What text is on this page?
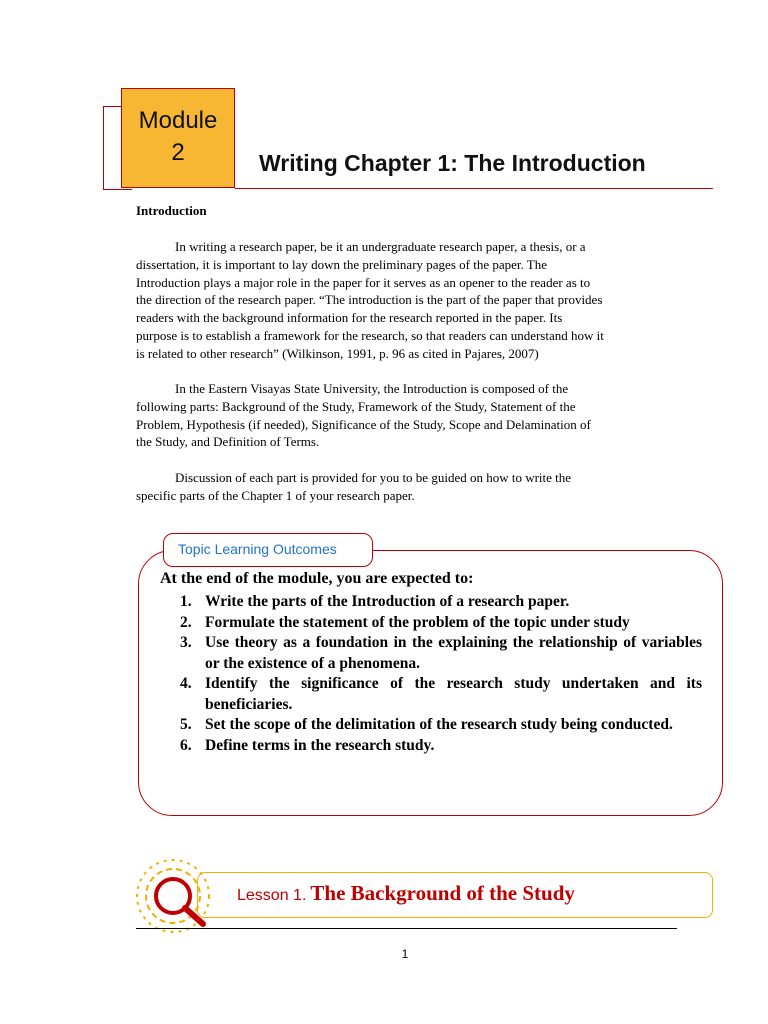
Module
2	Writing Chapter 1: The Introduction
Introduction
In writing a research paper, be it an undergraduate research paper, a thesis, or a
dissertation, it is important to lay down the preliminary pages of the paper. The
Introduction plays a major role in the paper for it serves as an opener to the reader as to
the direction of the research paper. “The introduction is the part of the paper that provides
readers with the background information for the research reported in the paper. Its
purpose is to establish a framework for the research, so that readers can understand how it
is related to other research” (Wilkinson, 1991, p. 96 as cited in Pajares, 2007)
In the Eastern Visayas State University, the Introduction is composed of the
following parts: Background of the Study, Framework of the Study, Statement of the
Problem, Hypothesis (if needed), Significance of the Study, Scope and Delamination of
the Study, and Definition of Terms.
Discussion of each part is provided for you to be guided on how to write the
specific parts of the Chapter 1 of your research paper.
Topic Learning Outcomes
At the end of the module, you are expected to:
1. Write the parts of the Introduction of a research paper.
2. Formulate the statement of the problem of the topic under study
3. Use theory as a foundation in the explaining the relationship of variables or the existence of a phenomena.
4. Identify the significance of the research study undertaken and its beneficiaries.
5. Set the scope of the delimitation of the research study being conducted.
6. Define terms in the research study.
Lesson 1. The Background of the Study
1
